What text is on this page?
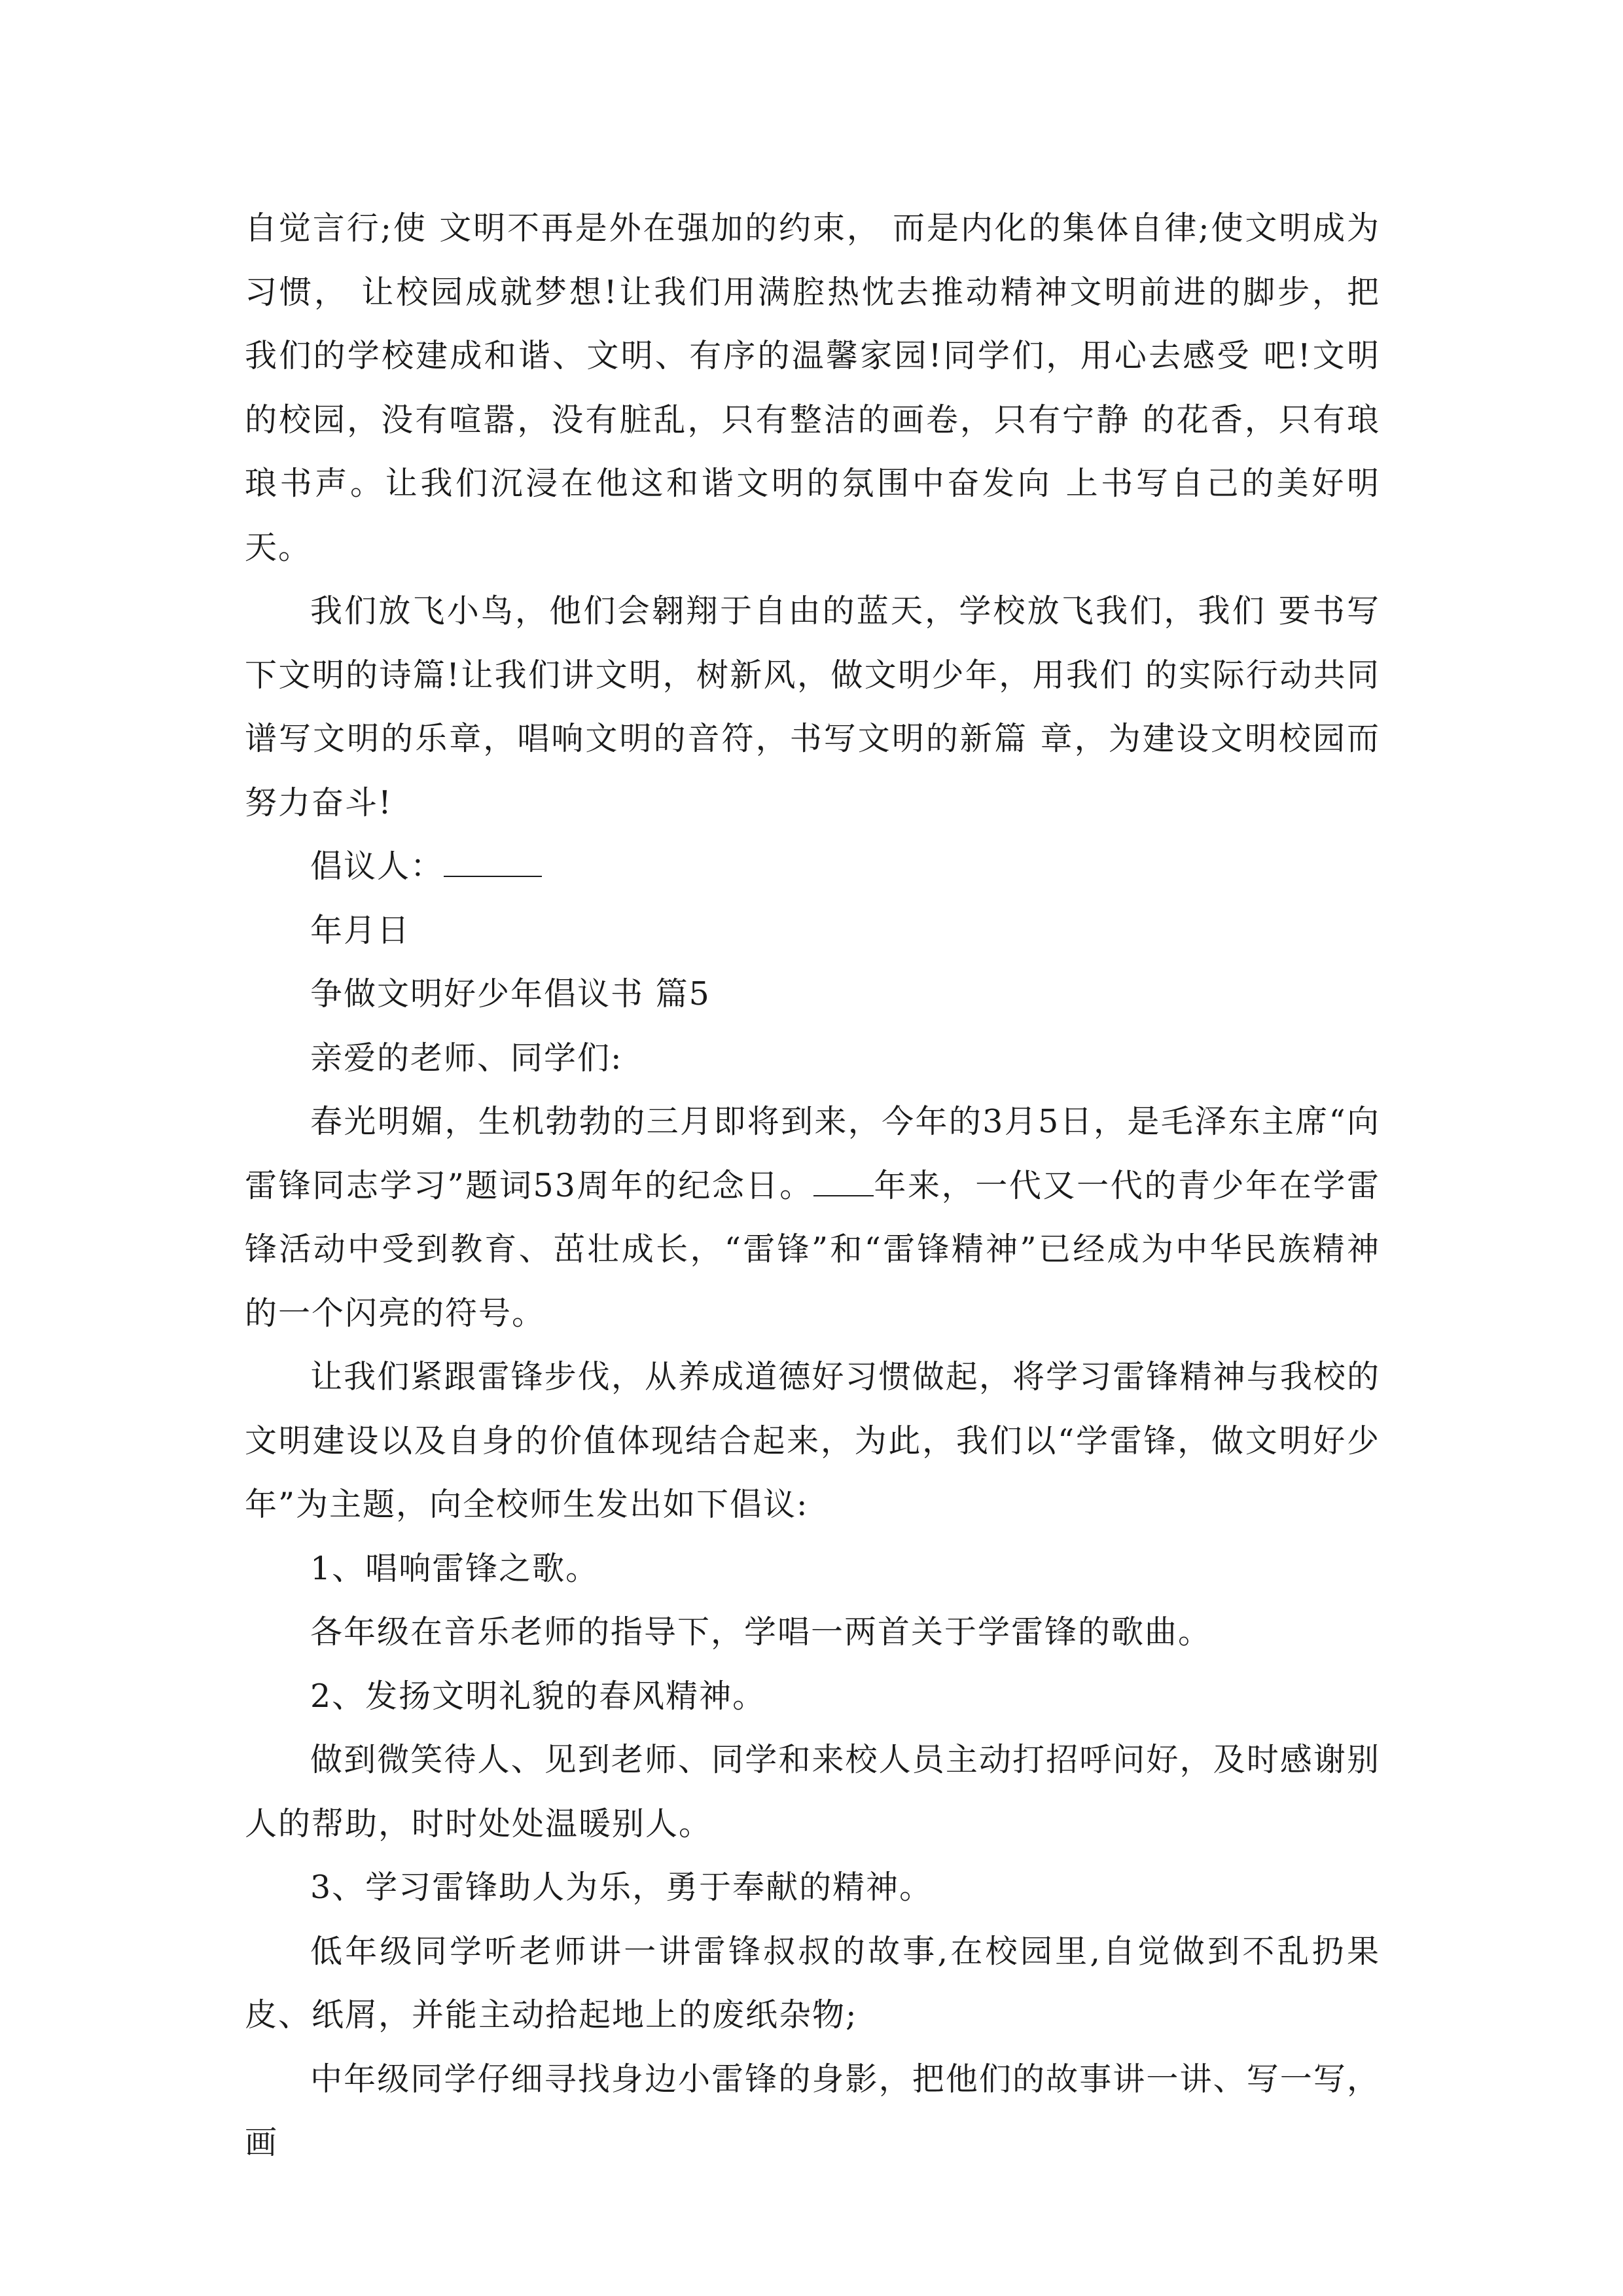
自觉言行;使 文明不再是外在强加的约束， 而是内化的集体自律;使文明成为习惯， 让校园成就梦想!让我们用满腔热忱去推动精神文明前进的脚步，把 我们的学校建成和谐、文明、有序的温馨家园!同学们，用心去感受 吧!文明的校园，没有喧嚣，没有脏乱，只有整洁的画卷，只有宁静 的花香，只有琅琅书声。让我们沉浸在他这和谐文明的氛围中奋发向 上书写自己的美好明天。

我们放飞小鸟，他们会翱翔于自由的蓝天，学校放飞我们，我们 要书写下文明的诗篇!让我们讲文明，树新风，做文明少年，用我们 的实际行动共同谱写文明的乐章，唱响文明的音符，书写文明的新篇 章，为建设文明校园而努力奋斗!

倡议人：

年月日

争做文明好少年倡议书 篇5

亲爱的老师、同学们:

春光明媚，生机勃勃的三月即将到来，今年的3月5日，是毛泽东主席“向雷锋同志学习”题词53周年的纪念日。 年来，一代又一代的青少年在学雷锋活动中受到教育、茁壮成长，“雷锋”和“雷锋精神”已经成为中华民族精神的一个闪亮的符号。

让我们紧跟雷锋步伐，从养成道德好习惯做起，将学习雷锋精神与我校的文明建设以及自身的价值体现结合起来，为此，我们以“学雷锋，做文明好少年”为主题，向全校师生发出如下倡议:

1、唱响雷锋之歌。

各年级在音乐老师的指导下，学唱一两首关于学雷锋的歌曲。

2、发扬文明礼貌的春风精神。

做到微笑待人、见到老师、同学和来校人员主动打招呼问好，及时感谢别人的帮助，时时处处温暖别人。

3、学习雷锋助人为乐，勇于奉献的精神。

低年级同学听老师讲一讲雷锋叔叔的故事,在校园里,自觉做到不乱扔果皮、纸屑，并能主动拾起地上的废纸杂物;

中年级同学仔细寻找身边小雷锋的身影，把他们的故事讲一讲、写一写，画
